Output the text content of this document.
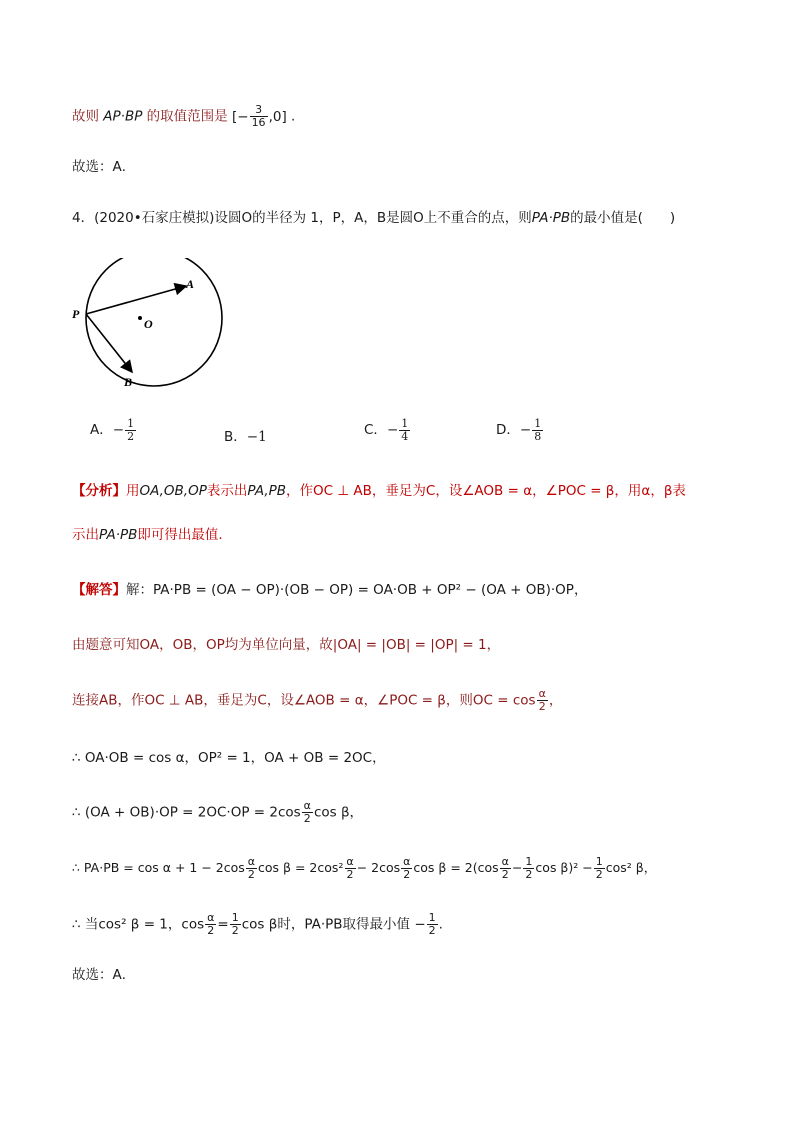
故则 AP·BP 的取值范围是 [− $\frac{3}{16} ,0$] .
故选：A．
4．(2020•石家庄模拟)设圆O的半径为 1，P，A，B是圆O上不重合的点，则PA·PB的最小值是(　　)
A
P
O
B
A．− $\frac{1}{2}$	B．−1	C．− $\frac{1}{4}$	D．− $\frac{1}{8}$
【分析】用OA,OB,OP表示出PA,PB，作OC ⊥ AB，垂足为C，设∠AOB = α，∠POC = β，用α，β表
示出PA·PB即可得出最值.
【解答】解：PA·PB = (OA − OP)·(OB − OP) = OA·OB + OP² − (OA + OB)·OP，
由题意可知OA，OB，OP均为单位向量，故|OA| = |OB| = |OP| = 1，
连接AB，作OC ⊥ AB，垂足为C，设∠AOB = α，∠POC = β，则OC = $\cos \frac{\alpha}{2}$ ，
∴ OA·OB = cos α，OP² = 1，OA + OB = 2OC，
∴ $(OA + OB)\cdot OP = 2OC\cdot OP = 2\cos \frac{\alpha}{2}$ cos β，
∴ $PA\cdot PB = \cos \alpha + 1 - 2\cos \frac{\alpha}{2}$ $\cos \beta = 2\cos^2 \frac{\alpha}{2} - 2\cos \frac{\alpha}{2}$ $\cos \beta = 2(\cos \frac{\alpha}{2} - \frac{1}{2}$ $\cos \beta)^2 - \frac{1}{2} \cos^2$ β，
∴ 当cos² β = 1，$\cos \frac{\alpha}{2} = \frac{1}{2}$ cos β时，PA·PB取得最小值 − $\frac{1}{2}$ .
故选：A．
